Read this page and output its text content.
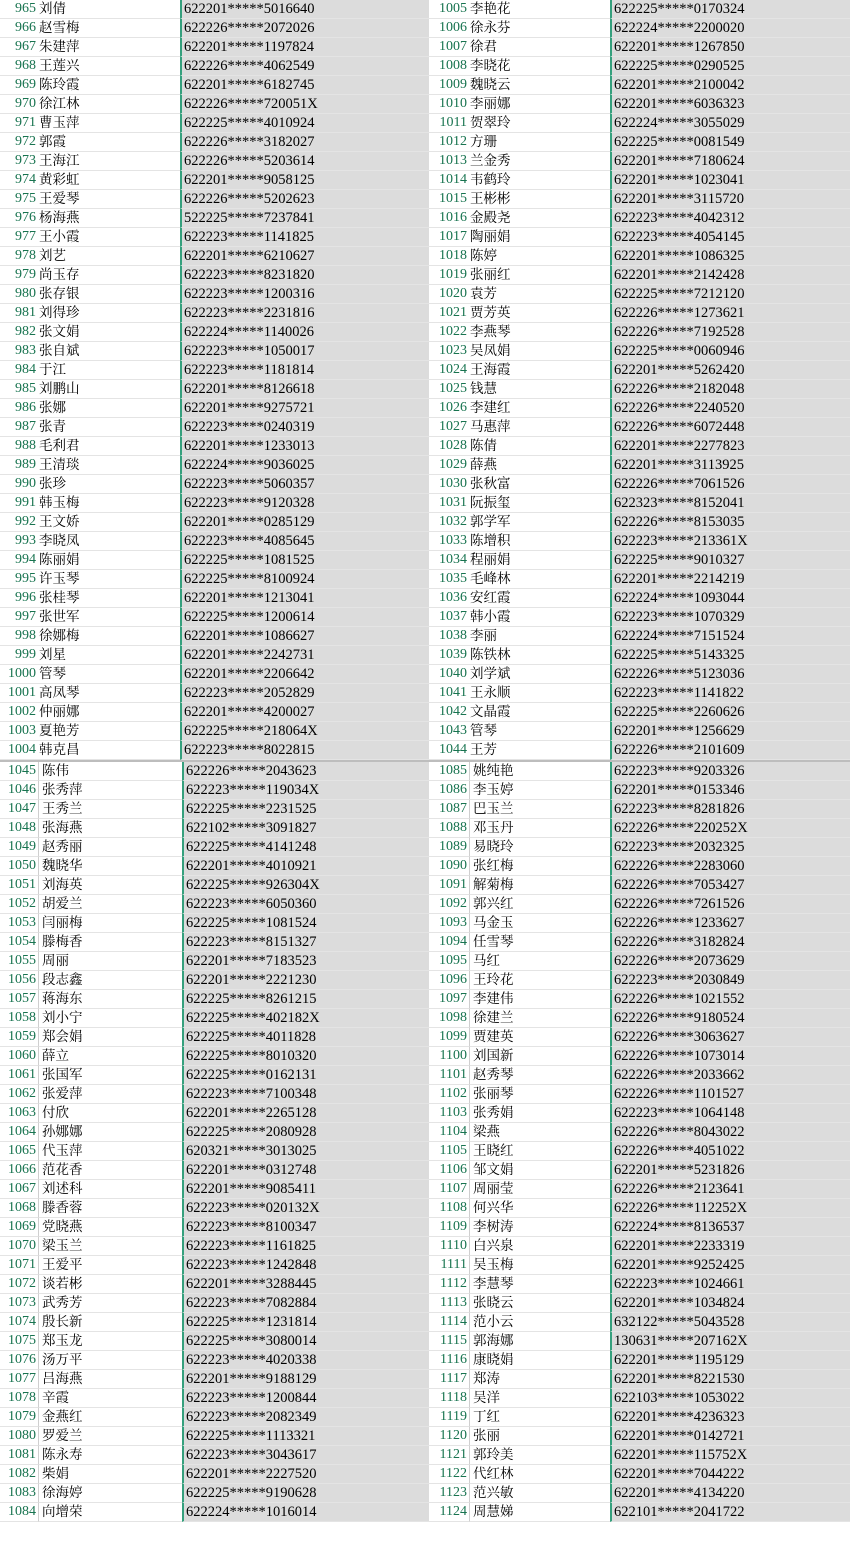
965 刘倩	622201*****5016640	1005 李艳花	622225*****0170324
966 赵雪梅	622226*****2072026	1006 徐永芬	622224*****2200020
967 朱建萍	622201*****1197824	1007 徐君	622201*****1267850
968 王莲兴	622226*****4062549	1008 李晓花	622225*****0290525
969 陈玲霞	622201*****6182745	1009 魏晓云	622201*****2100042
970 徐江林	622226*****720051X	1010 李丽娜	622201*****6036323
971 曹玉萍	622225*****4010924	1011 贺翠玲	622224*****3055029
972 郭霞	622226*****3182027	1012 方珊	622225*****0081549
973 王海江	622226*****5203614	1013 兰金秀	622201*****7180624
974 黄彩虹	622201*****9058125	1014 韦鹤玲	622201*****1023041
975 王爱琴	622226*****5202623	1015 王彬彬	622201*****3115720
976 杨海燕	522225*****7237841	1016 金殿尧	622223*****4042312
977 王小霞	622223*****1141825	1017 陶丽娟	622223*****4054145
978 刘艺	622201*****6210627	1018 陈婷	622201*****1086325
979 尚玉存	622223*****8231820	1019 张丽红	622201*****2142428
980 张存银	622223*****1200316	1020 袁芳	622225*****7212120
981 刘得珍	622223*****2231816	1021 贾芳英	622226*****1273621
982 张文娟	622224*****1140026	1022 李燕琴	622226*****7192528
983 张自斌	622223*****1050017	1023 吴凤娟	622225*****0060946
984 于江	622223*****1181814	1024 王海霞	622201*****5262420
985 刘鹏山	622201*****8126618	1025 钱慧	622226*****2182048
986 张娜	622201*****9275721	1026 李建红	622226*****2240520
987 张青	622223*****0240319	1027 马惠萍	622226*****6072448
988 毛利君	622201*****1233013	1028 陈倩	622201*****2277823
989 王清琰	622224*****9036025	1029 薛燕	622201*****3113925
990 张珍	622223*****5060357	1030 张秋富	622226*****7061526
991 韩玉梅	622223*****9120328	1031 阮振玺	622323*****8152041
992 王文娇	622201*****0285129	1032 郭学军	622226*****8153035
993 李晓凤	622223*****4085645	1033 陈增积	622223*****213361X
994 陈丽娟	622225*****1081525	1034 程丽娟	622225*****9010327
995 许玉琴	622225*****8100924	1035 毛峰林	622201*****2214219
996 张桂琴	622201*****1213041	1036 安红霞	622224*****1093044
997 张世军	622225*****1200614	1037 韩小霞	622223*****1070329
998 徐娜梅	622201*****1086627	1038 李丽	622224*****7151524
999 刘星	622201*****2242731	1039 陈铁林	622225*****5143325
1000 管琴	622201*****2206642	1040 刘学斌	622226*****5123036
1001 高凤琴	622223*****2052829	1041 王永顺	622223*****1141822
1002 仲丽娜	622201*****4200027	1042 文晶霞	622225*****2260626
1003 夏艳芳	622225*****218064X	1043 管琴	622201*****1256629
1004 韩克昌	622223*****8022815	1044 王芳	622226*****2101609
1045 陈伟	622226*****2043623	1085 姚纯艳	622223*****9203326
1046 张秀萍	622223*****119034X	1086 李玉婷	622201*****0153346
1047 王秀兰	622225*****2231525	1087 巴玉兰	622223*****8281826
1048 张海燕	622102*****3091827	1088 邓玉丹	622226*****220252X
1049 赵秀丽	622225*****4141248	1089 易晓玲	622223*****2032325
1050 魏晓华	622201*****4010921	1090 张红梅	622226*****2283060
1051 刘海英	622225*****926304X	1091 解菊梅	622226*****7053427
1052 胡爱兰	622223*****6050360	1092 郭兴红	622226*****7261526
1053 闫丽梅	622225*****1081524	1093 马金玉	622226*****1233627
1054 滕梅香	622223*****8151327	1094 任雪琴	622226*****3182824
1055 周丽	622201*****7183523	1095 马红	622226*****2073629
1056 段志鑫	622201*****2221230	1096 王玲花	622223*****2030849
1057 蒋海东	622225*****8261215	1097 李建伟	622226*****1021552
1058 刘小宁	622225*****402182X	1098 徐建兰	622226*****9180524
1059 郑会娟	622225*****4011828	1099 贾建英	622226*****3063627
1060 薛立	622225*****8010320	1100 刘国新	622226*****1073014
1061 张国军	622225*****0162131	1101 赵秀琴	622226*****2033662
1062 张爱萍	622223*****7100348	1102 张丽琴	622226*****1101527
1063 付欣	622201*****2265128	1103 张秀娟	622223*****1064148
1064 孙娜娜	622225*****2080928	1104 梁燕	622226*****8043022
1065 代玉萍	620321*****3013025	1105 王晓红	622226*****4051022
1066 范花香	622201*****0312748	1106 邹文娟	622201*****5231826
1067 刘述科	622201*****9085411	1107 周丽莹	622226*****2123641
1068 滕香蓉	622223*****020132X	1108 何兴华	622226*****112252X
1069 党晓燕	622223*****8100347	1109 李树涛	622224*****8136537
1070 梁玉兰	622223*****1161825	1110 白兴泉	622201*****2233319
1071 王爱平	622223*****1242848	1111 吴玉梅	622201*****9252425
1072 谈若彬	622201*****3288445	1112 李慧琴	622223*****1024661
1073 武秀芳	622223*****7082884	1113 张晓云	622201*****1034824
1074 殷长新	622225*****1231814	1114 范小云	632122*****5043528
1075 郑玉龙	622225*****3080014	1115 郭海娜	130631*****207162X
1076 汤万平	622223*****4020338	1116 康晓娟	622201*****1195129
1077 吕海燕	622201*****9188129	1117 郑涛	622201*****8221530
1078 辛霞	622223*****1200844	1118 吴洋	622103*****1053022
1079 金燕红	622223*****2082349	1119 丁红	622201*****4236323
1080 罗爱兰	622225*****1113321	1120 张丽	622201*****0142721
1081 陈永寿	622223*****3043617	1121 郭玲美	622201*****115752X
1082 柴娟	622201*****2227520	1122 代红林	622201*****7044222
1083 徐海婷	622225*****9190628	1123 范兴敏	622201*****4134220
1084 向增荣	622224*****1016014	1124 周慧娣	622101*****2041722
